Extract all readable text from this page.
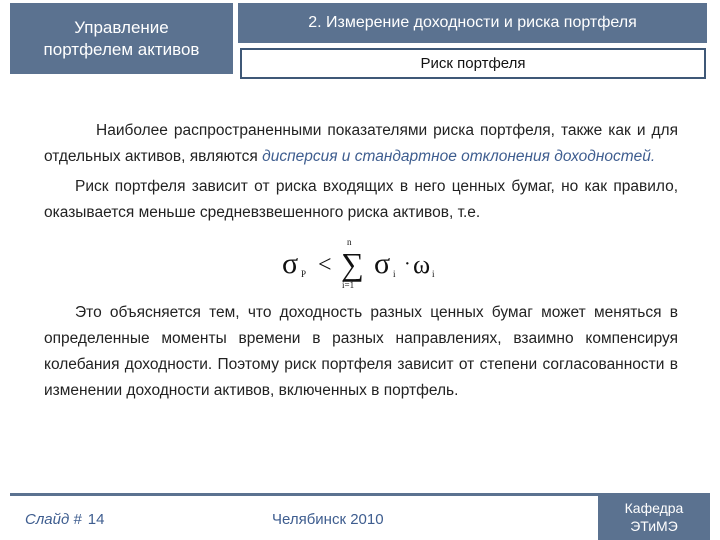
Управление
портфелем активов
2. Измерение доходности и риска портфеля
Риск портфеля

Наиболее распространенными показателями риска портфеля, также как и для отдельных активов, являются дисперсия и стандартное отклонения доходностей.

Риск портфеля зависит от риска входящих в него ценных бумаг, но как правило, оказывается меньше средневзвешенного риска активов, т.е.

σ P <
n
∑
i=1
σ i · ω i

Это объясняется тем, что доходность разных ценных бумаг может меняться в определенные моменты времени в разных направлениях, взаимно компенсируя колебания доходности. Поэтому риск портфеля зависит от степени согласованности в изменении доходности активов, включенных в портфель.

Слайд # 14	Челябинск 2010
Кафедра
ЭТиМЭ
